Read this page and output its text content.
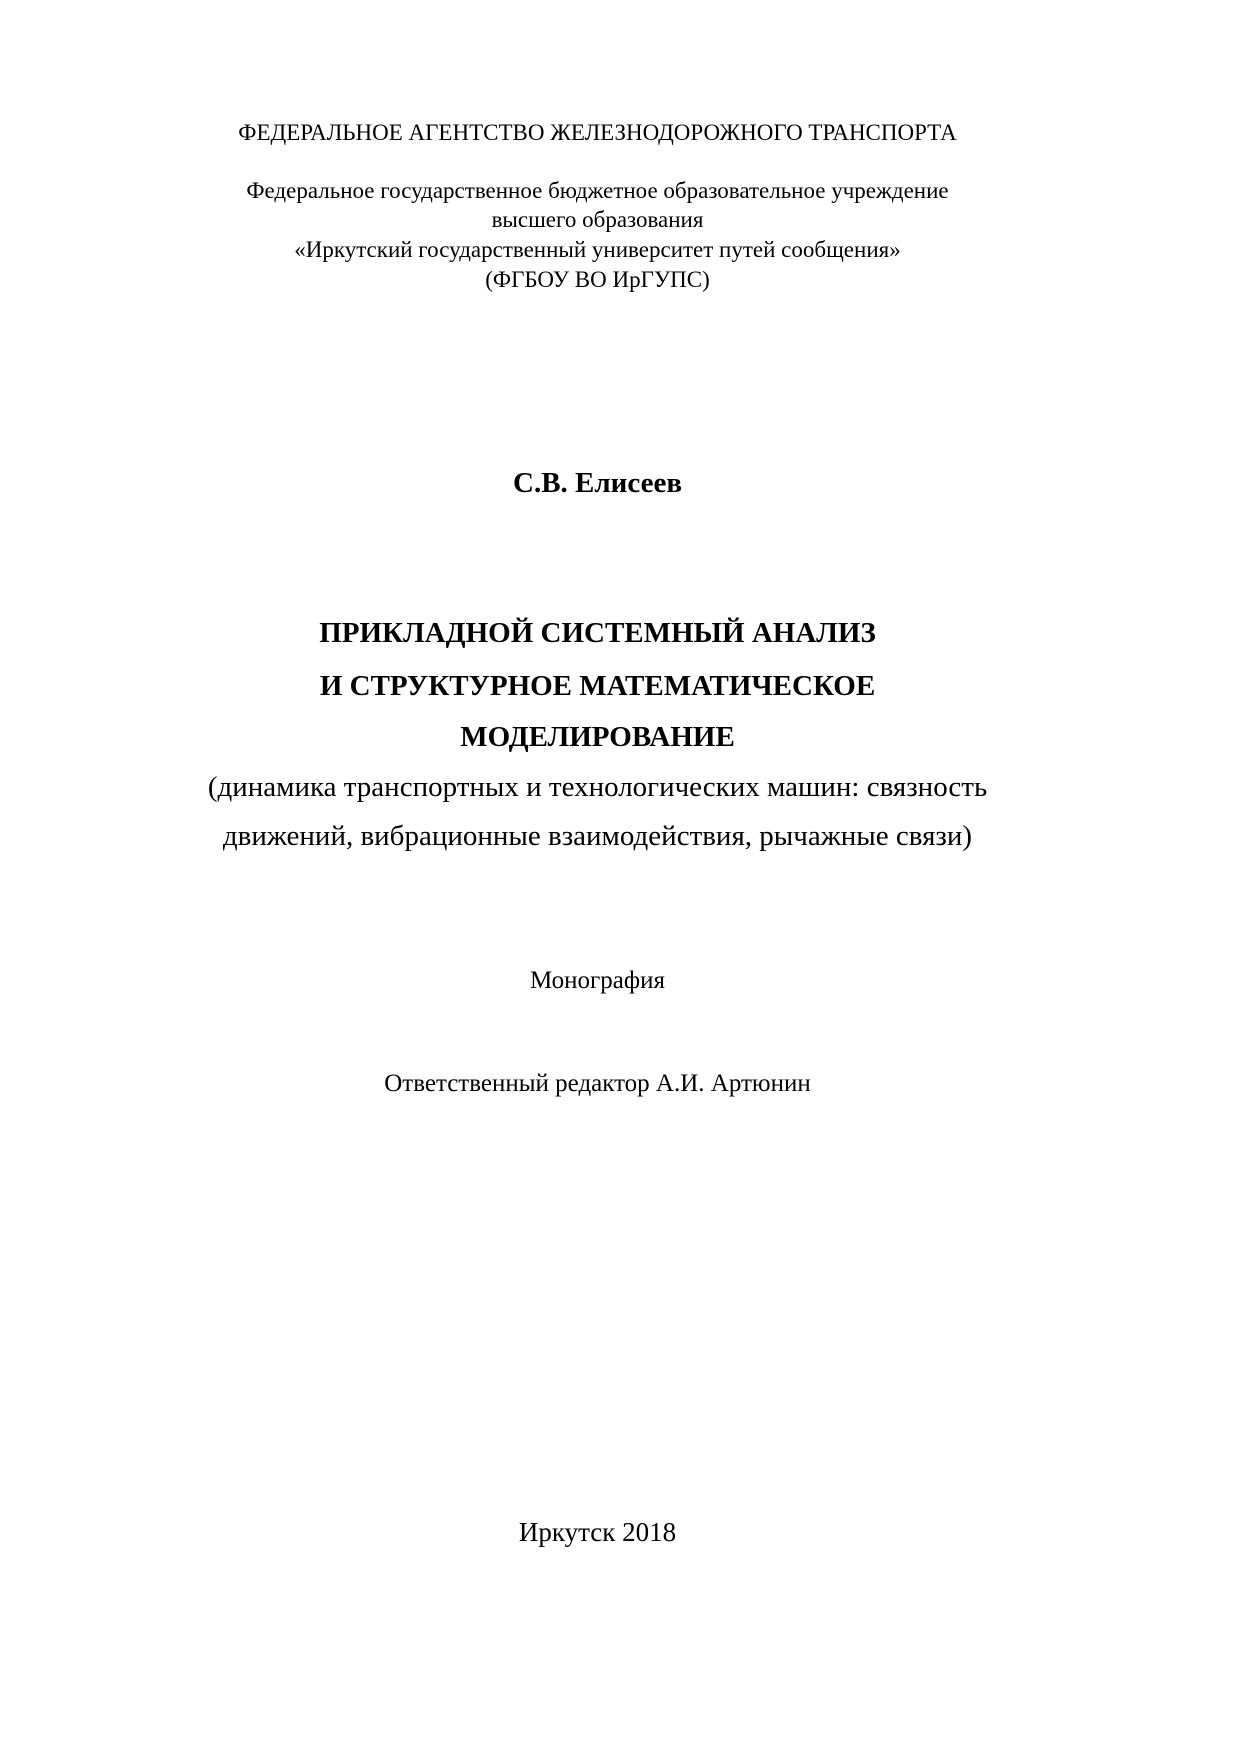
ФЕДЕРАЛЬНОЕ АГЕНТСТВО ЖЕЛЕЗНОДОРОЖНОГО ТРАНСПОРТА
Федеральное государственное бюджетное образовательное учреждение
высшего образования
«Иркутский государственный университет путей сообщения»
(ФГБОУ ВО ИрГУПС)
С.В. Елисеев
ПРИКЛАДНОЙ СИСТЕМНЫЙ АНАЛИЗ
И СТРУКТУРНОЕ МАТЕМАТИЧЕСКОЕ
МОДЕЛИРОВАНИЕ
(динамика транспортных и технологических машин: связность
движений, вибрационные взаимодействия, рычажные связи)
Монография
Ответственный редактор А.И. Артюнин
Иркутск 2018
